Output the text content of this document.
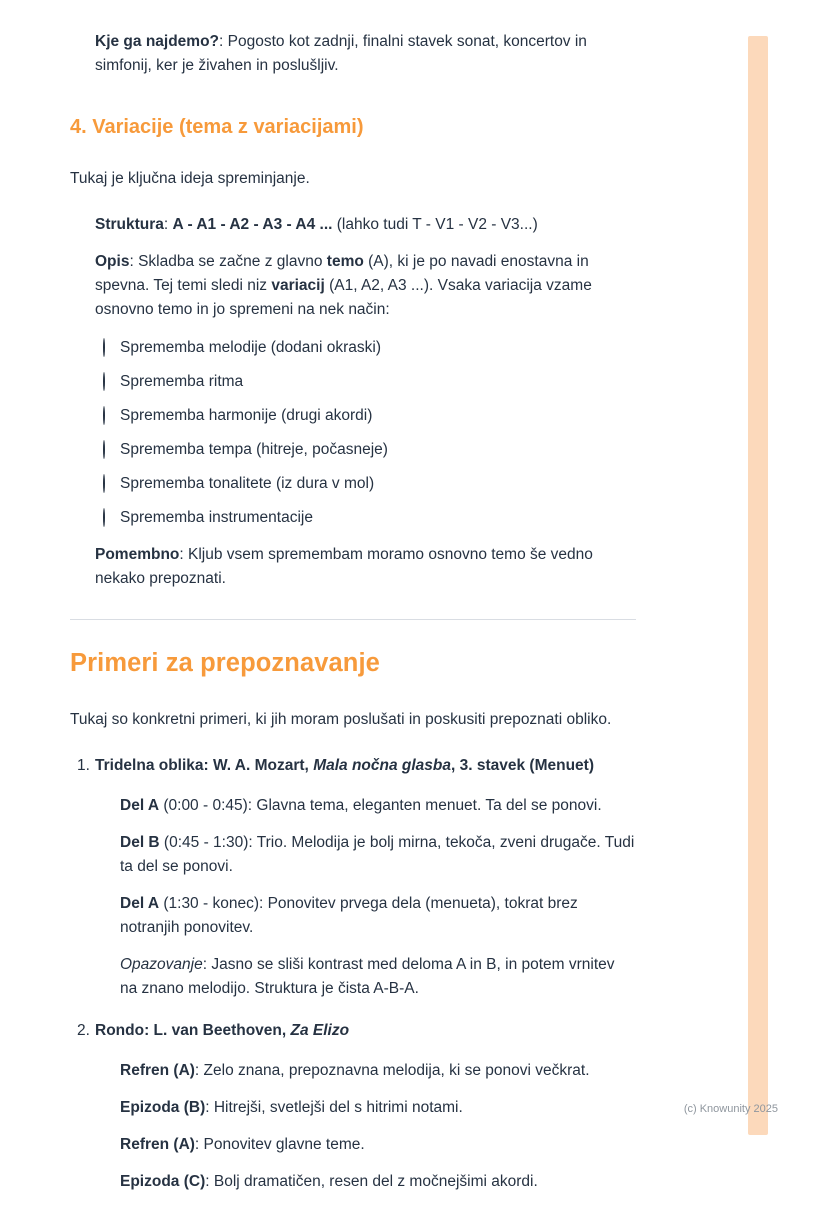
(c) Knowunity 2025
Kje ga najdemo?: Pogosto kot zadnji, finalni stavek sonat, koncertov in simfonij, ker je živahen in poslušljiv.
4. Variacije (tema z variacijami)

Tukaj je ključna ideja spreminjanje.

Struktura: A - A1 - A2 - A3 - A4 ... (lahko tudi T - V1 - V2 - V3...)
Opis: Skladba se začne z glavno temo (A), ki je po navadi enostavna in spevna. Tej temi sledi niz variacij (A1, A2, A3 ...). Vsaka variacija vzame osnovno temo in jo spremeni na nek način:
Sprememba melodije (dodani okraski)
Sprememba ritma
Sprememba harmonije (drugi akordi)
Sprememba tempa (hitreje, počasneje)
Sprememba tonalitete (iz dura v mol)
Sprememba instrumentacije
Pomembno: Kljub vsem spremembam moramo osnovno temo še vedno nekako prepoznati.
Primeri za prepoznavanje

Tukaj so konkretni primeri, ki jih moram poslušati in poskusiti prepoznati obliko.

1. Tridelna oblika: W. A. Mozart, Mala nočna glasba, 3. stavek (Menuet)
Del A (0:00 - 0:45): Glavna tema, eleganten menuet. Ta del se ponovi.
Del B (0:45 - 1:30): Trio. Melodija je bolj mirna, tekoča, zveni drugače. Tudi ta del se ponovi.
Del A (1:30 - konec): Ponovitev prvega dela (menueta), tokrat brez notranjih ponovitev.
Opazovanje: Jasno se sliši kontrast med deloma A in B, in potem vrnitev na znano melodijo. Struktura je čista A-B-A.
2. Rondo: L. van Beethoven, Za Elizo
Refren (A): Zelo znana, prepoznavna melodija, ki se ponovi večkrat.
Epizoda (B): Hitrejši, svetlejši del s hitrimi notami.
Refren (A): Ponovitev glavne teme.
Epizoda (C): Bolj dramatičen, resen del z močnejšimi akordi.
